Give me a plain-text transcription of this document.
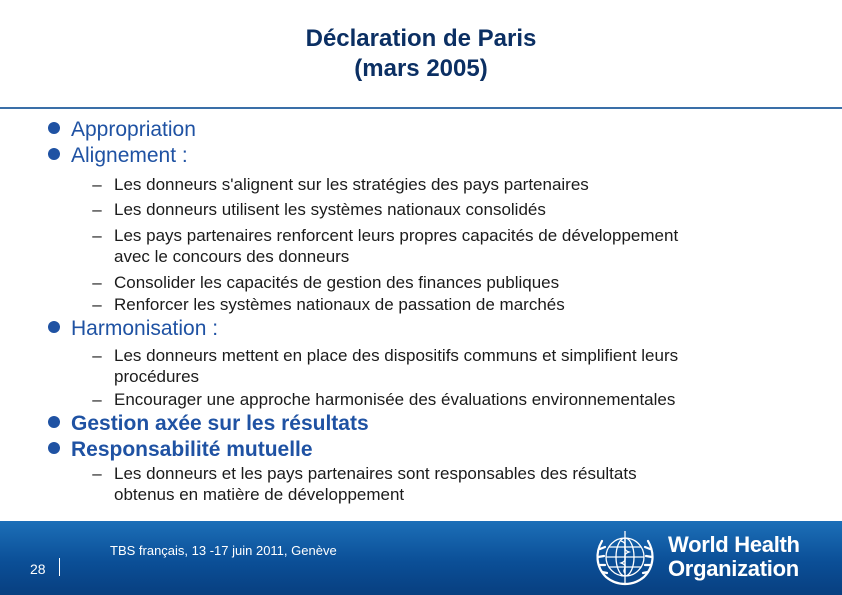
Déclaration de Paris
(mars 2005)
Appropriation
Alignement :
– Les donneurs s'alignent sur les stratégies des pays partenaires
– Les donneurs utilisent les systèmes nationaux consolidés
– Les pays partenaires renforcent leurs propres capacités de développement
avec le concours des donneurs
– Consolider les capacités de gestion des finances publiques
– Renforcer les systèmes nationaux de passation de marchés
Harmonisation :
– Les donneurs mettent en place des dispositifs communs et simplifient leurs
procédures
– Encourager une approche harmonisée des évaluations environnementales
Gestion axée sur les résultats
Responsabilité mutuelle
– Les donneurs et les pays partenaires sont responsables des résultats
obtenus en matière de développement
28
TBS français, 13 -17 juin 2011, Genève	World Health
Organization
